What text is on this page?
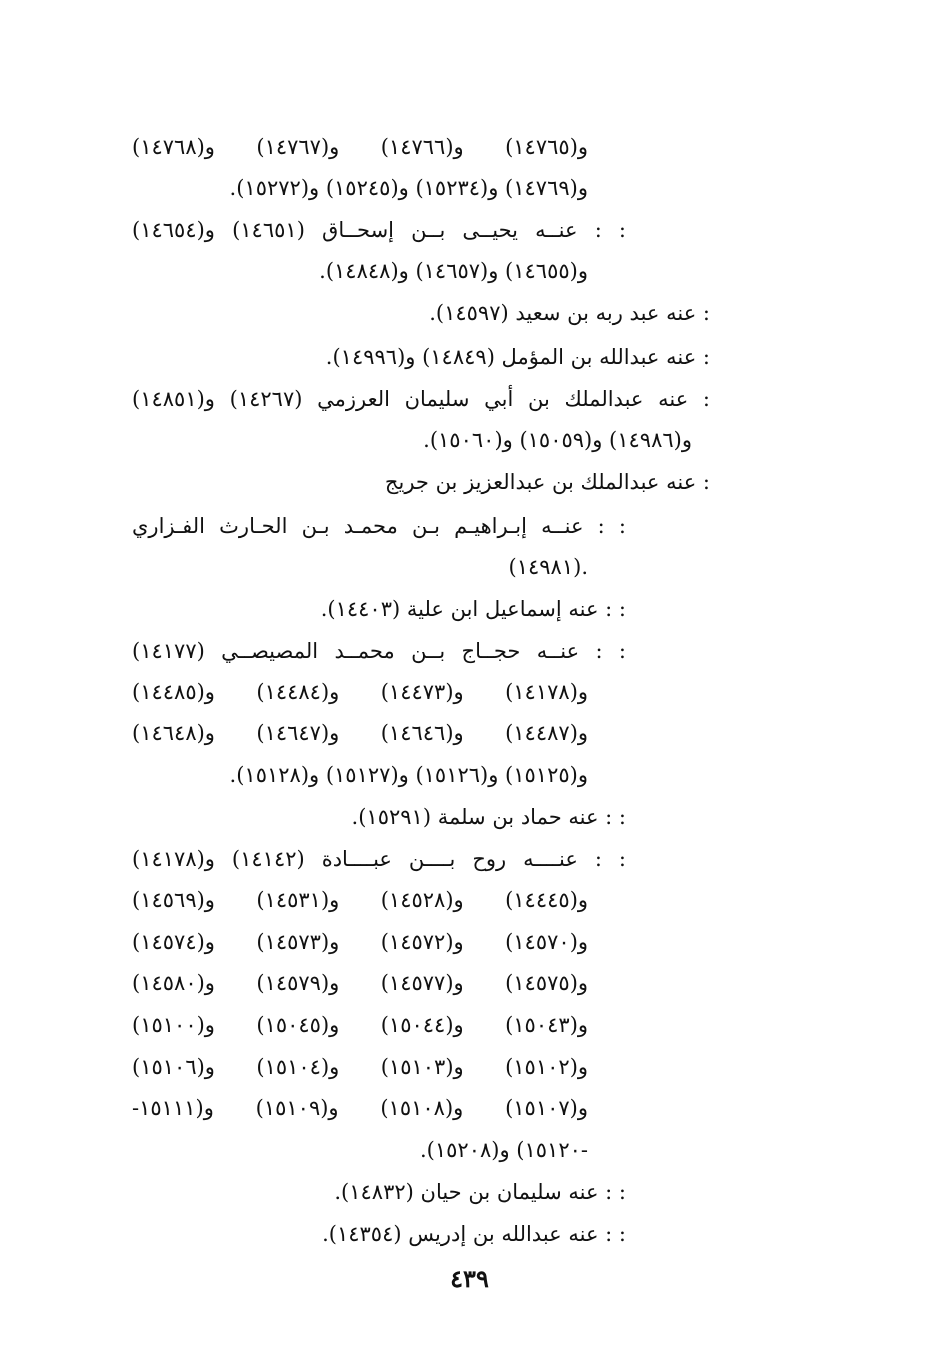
و(١٤٧٦٥) و(١٤٧٦٦) و(١٤٧٦٧) و(١٤٧٦٨)
و(١٤٧٦٩) و(١٥٢٣٤) و(١٥٢٤٥) و(١٥٢٧٢).
: : عنــه يحيــى بــن إسحــاق (١٤٦٥١) و(١٤٦٥٤)
و(١٤٦٥٥) و(١٤٦٥٧) و(١٤٨٤٨).
: عنه عبد ربه بن سعيد (١٤٥٩٧).
: عنه عبدالله بن المؤمل (١٤٨٤٩) و(١٤٩٩٦).
: عنه عبدالملك بن أبي سليمان العرزمي (١٤٢٦٧) و(١٤٨٥١)
و(١٤٩٨٦) و(١٥٠٥٩) و(١٥٠٦٠).
: عنه عبدالملك بن عبدالعزيز بن جريج
: : عنــه إبـراهيـم بـن محمـد بـن الحـارث الفـزاري
(١٤٩٨١).
: : عنه إسماعيل ابن علية (١٤٤٠٣).
: : عنــه حجــاج بــن محمــد المصيصــي (١٤١٧٧)
و(١٤١٧٨) و(١٤٤٧٣) و(١٤٤٨٤) و(١٤٤٨٥)
و(١٤٤٨٧) و(١٤٦٤٦) و(١٤٦٤٧) و(١٤٦٤٨)
و(١٥١٢٥) و(١٥١٢٦) و(١٥١٢٧) و(١٥١٢٨).
: : عنه حماد بن سلمة (١٥٢٩١).
: : عنــــه روح بــــن عبــــادة (١٤١٤٢) و(١٤١٧٨)
و(١٤٤٤٥) و(١٤٥٢٨) و(١٤٥٣١) و(١٤٥٦٩)
و(١٤٥٧٠) و(١٤٥٧٢) و(١٤٥٧٣) و(١٤٥٧٤)
و(١٤٥٧٥) و(١٤٥٧٧) و(١٤٥٧٩) و(١٤٥٨٠)
و(١٥٠٤٣) و(١٥٠٤٤) و(١٥٠٤٥) و(١٥١٠٠)
و(١٥١٠٢) و(١٥١٠٣) و(١٥١٠٤) و(١٥١٠٦)
و(١٥١٠٧) و(١٥١٠٨) و(١٥١٠٩) و(١٥١١١-
-١٥١٢٠) و(١٥٢٠٨).
: : عنه سليمان بن حيان (١٤٨٣٢).
: : عنه عبدالله بن إدريس (١٤٣٥٤).
٤٣٩
